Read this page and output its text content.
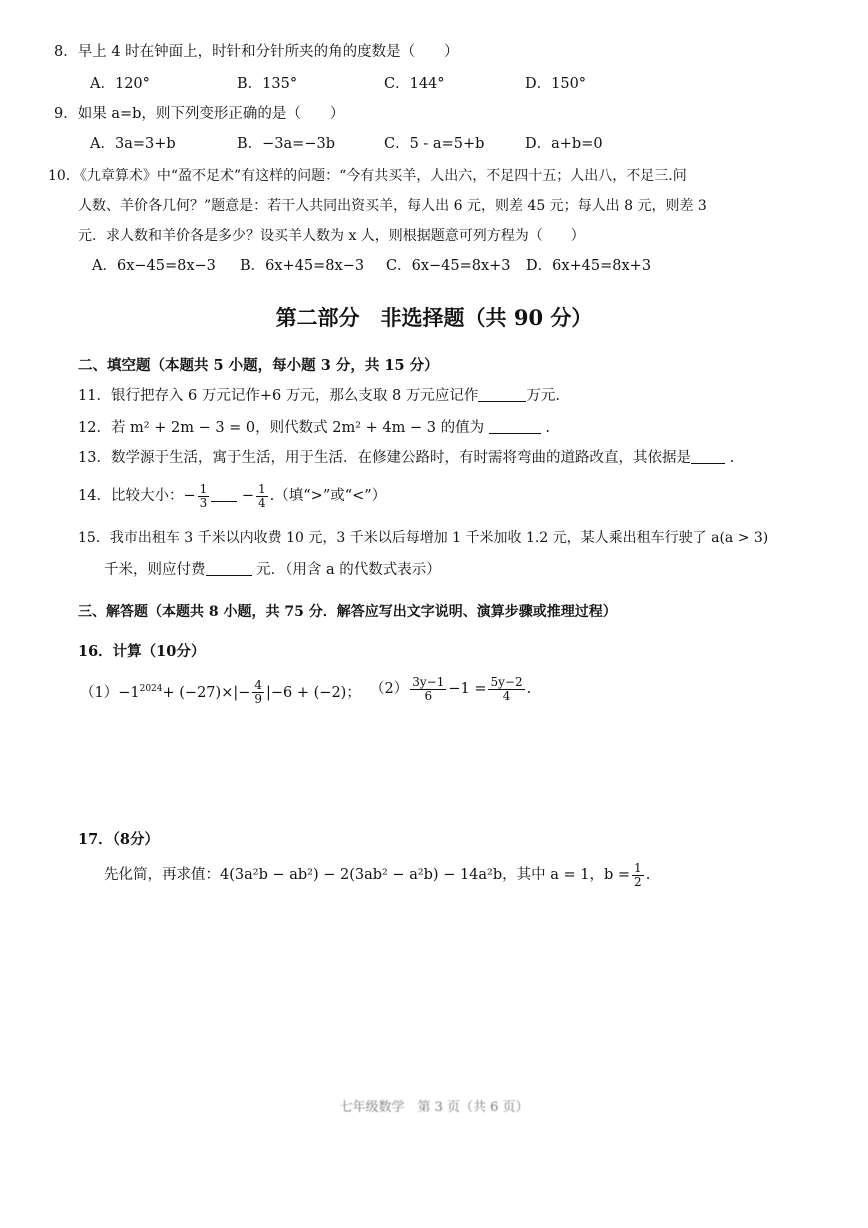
8．早上 4 时在钟面上，时针和分针所夹的角的度数是（　　）
A．120°	B．135°	C．144°	D．150°
9．如果 a=b，则下列变形正确的是（　　）
A．3a=3+b	B．−3a=−3b	C．5 - a=5+b	D．a+b=0
10．《九章算术》中“盈不足术”有这样的问题：“今有共买羊，人出六，不足四十五；人出八，不足三.问
人数、羊价各几何？”题意是：若干人共同出资买羊，每人出 6 元，则差 45 元；每人出 8 元，则差 3
元．求人数和羊价各是多少？设买羊人数为 x 人，则根据题意可列方程为（　　）
A．6x−45=8x−3 B．6x+45=8x−3 C．6x−45=8x+3 D．6x+45=8x+3
第二部分　非选择题（共 90 分）
二、填空题（本题共 5 小题，每小题 3 分，共 15 分）
11．银行把存入 6 万元记作+6 万元，那么支取 8 万元应记作	万元.
12．若 m² + 2m − 3 = 0，则代数式 2m² + 4m − 3 的值为	.
13．数学源于生活，寓于生活，用于生活．在修建公路时，有时需将弯曲的道路改直，其依据是	.
14．比较大小：− $\frac{1}{3} - \frac{1}{4}$ .（填“>”或“<”）
15．我市出租车 3 千米以内收费 10 元，3 千米以后每增加 1 千米加收 1.2 元，某人乘出租车行驶了 a(a > 3)
千米，则应付费	元．（用含 a 的代数式表示）
三、解答题（本题共 8 小题，共 75 分．解答应写出文字说明、演算步骤或推理过程）
16．计算（10分）
$(1)-1^{2024}+ (-27)\times|- \frac{4}{9} |-6 + (-2)$； $(2) \frac{3y-1}{6} -1 = \frac{5y-2}{4}$ .
17．（8分）
先化简，再求值：4(3a²b − ab²) − 2(3ab² − a²b) − 14a²b，其中 a = 1，$b = \frac{1}{2}$ .
七年级数学　第 3 页（共 6 页）
